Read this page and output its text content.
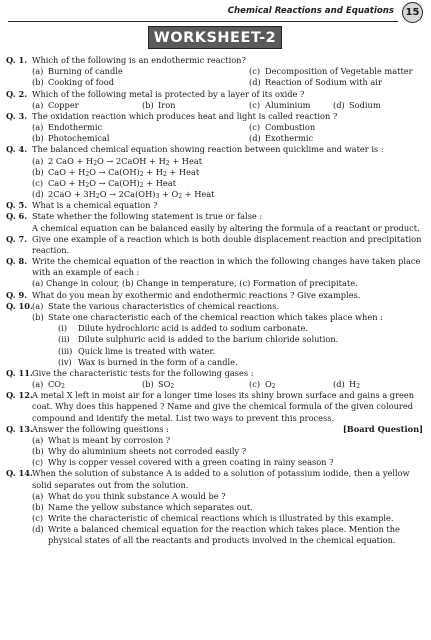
Chemical Reactions and Equations	15
WORKSHEET-2
Q. 1. Which of the following is an endothermic reaction?
(a) Burning of candle	(c) Decomposition of Vegetable matter
(b) Cooking of food	(d) Reaction of Sodium with air
Q. 2. Which of the following metal is protected by a layer of its oxide ?
(a) Copper	(b) Iron	(c) Aluminium	(d) Sodium
Q. 3. The oxidation reaction which produces heat and light is called reaction ?
(a) Endothermic	(c) Combustion
(b) Photochemical	(d) Exothermic
Q. 4. The balanced chemical equation showing reaction between quicklime and water is :
(a) 2 CaO + $H_2O$ → 2CaOH + $H_2$ + Heat
(b) CaO + $H_2O \to Ca(OH)_2 + H_2$ + Heat
(c) CaO + $H_2O \to Ca(OH)_2$ + Heat
(d) $2CaO + 3H_2O \to 2Ca(OH)_3 + O_2$ + Heat
Q. 5. What is a chemical equation ?
Q. 6. State whether the following statement is true or false :
A chemical equation can be balanced easily by altering the formula of a reactant or product.
Q. 7. Give one example of a reaction which is both double displacement reaction and precipitation reaction.
Q. 8. Write the chemical equation of the reaction in which the following changes have taken place with an example of each :
(a) Change in colour, (b) Change in temperature, (c) Formation of precipitate.
Q. 9. What do you mean by exothermic and endothermic reactions ? Give examples.
Q. 10. (a) State the various characteristics of chemical reactions.
(b) State one characteristic each of the chemical reaction which takes place when :
(i) Dilute hydrochloric acid is added to sodium carbonate.
(ii) Dilute sulphuric acid is added to the barium chloride solution.
(iii) Quick lime is treated with water.
(iv) Wax is burned in the form of a candle.
Q. 11. Give the characteristic tests for the following gases :
(a) $CO_2$	(b) $SO_2$	(c) $O_2$	(d) $H_2$
Q. 12. A metal X left in moist air for a longer time loses its shiny brown surface and gains a green coat. Why does this happened ? Name and give the chemical formula of the given coloured compound and identify the metal. List two ways to prevent this process.
Q. 13. Answer the following questions :	[Board Question]
(a) What is meant by corrosion ?
(b) Why do aluminium sheets not corroded easily ?
(c) Why is copper vessel covered with a green coating in rainy season ?
Q. 14. When the solution of substance A is added to a solution of potassium iodide, then a yellow solid separates out from the solution.
(a) What do you think substance A would be ?
(b) Name the yellow substance which separates out.
(c) Write the characteristic of chemical reactions which is illustrated by this example.
(d) Write a balanced chemical equation for the reaction which takes place. Mention the physical states of all the reactants and products involved in the chemical equation.
